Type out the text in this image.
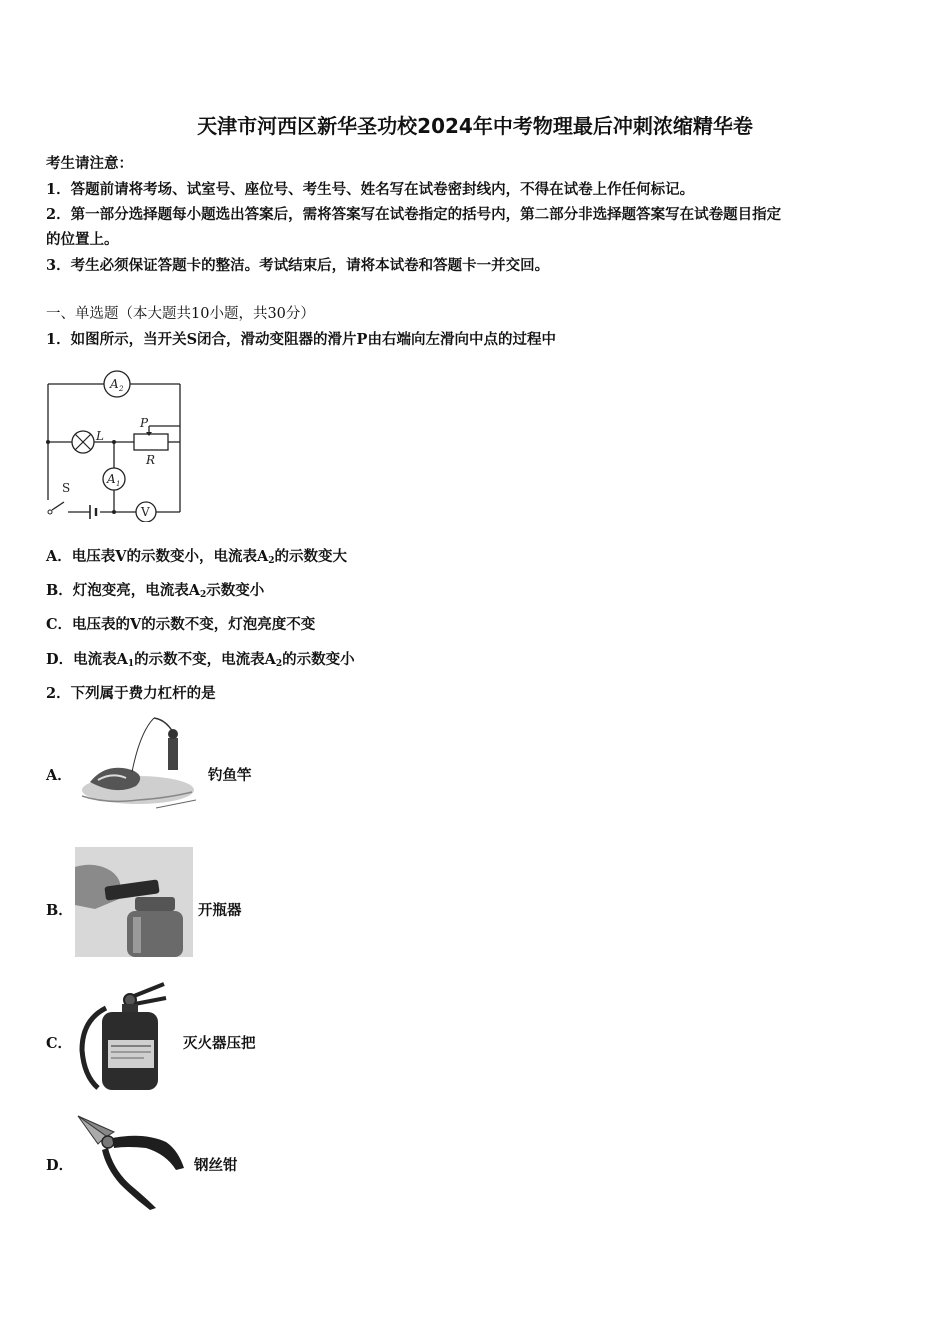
天津市河西区新华圣功校2024年中考物理最后冲刺浓缩精华卷
考生请注意：
1．答题前请将考场、试室号、座位号、考生号、姓名写在试卷密封线内，不得在试卷上作任何标记。
2．第一部分选择题每小题选出答案后，需将答案写在试卷指定的括号内，第二部分非选择题答案写在试卷题目指定
的位置上。
3．考生必须保证答题卡的整洁。考试结束后，请将本试卷和答题卡一并交回。
一、单选题（本大题共10小题，共30分）
1．如图所示，当开关S闭合，滑动变阻器的滑片P由右端向左滑向中点的过程中
A 2
A 1
V
L
P
R
S
A．电压表V的示数变小，电流表$A_2$的示数变大
B．灯泡变亮，电流表$A_2$示数变小
C．电压表的V的示数不变，灯泡亮度不变
D．电流表$A_1$的示数不变，电流表$A_2$的示数变小
2．下列属于费力杠杆的是
A．	钓鱼竿
B．	开瓶器
C．	灭火器压把
D．	钢丝钳
